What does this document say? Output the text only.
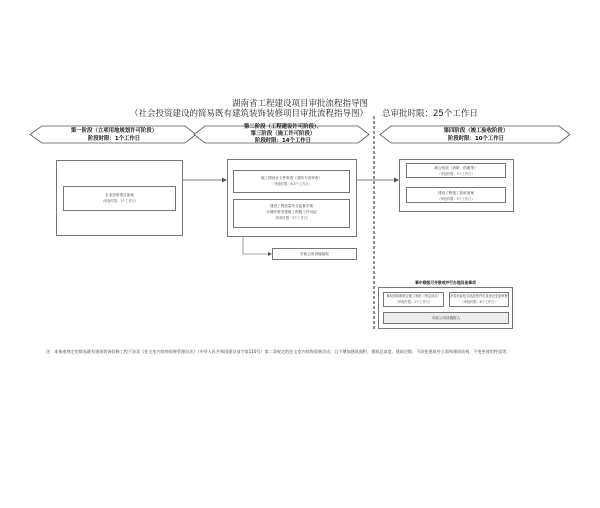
湖南省工程建设项目审批流程指导图
（社会投资建设的简易既有建筑装饰装修项目审批流程指导图） 总审批时限：25个工作日
第一阶段（立项用地规划许可阶段）
阶段时限：1个工作日
第二阶段（工程建设许可阶段）、
第三阶段（施工许可阶段）
阶段时限：14个工作日
第四阶段（竣工验收阶段）
阶段时限：10个工作日
企业投资项目备案
（审批时限：1个工作日）
施工图设计文件审查（消防专项审查）
（审批时限：8-5个工作日）
建设工程质量安全监督手续
办理并联发建筑工程施工许可证
（审批时限：3个工作日）
市政公用设施接报
联合验收（消防、档案等）
（审批时限：5个工作日）
建设工程竣工验收备案
（审批时限：5个工作日）
事中联级可并联或并行办理其他事项
事权供给和联合施工审批（特定项目）
（审批时限：1个工作日）
涉及危险化学品经营许可及登记变更审批
（审批时限：8个工作日）
市政公用设施报入
注：本指南规定的简易既有建筑装饰装修工程不涉及《住宅室内装饰装修管理办法》（中华人民共和国建设部令第110号）第二条规定的住宅室内装饰装修活动，且不增加建筑面积、建筑总高度、建筑层数，不改变建筑外立面和建筑结构，不变更使用性质等。
